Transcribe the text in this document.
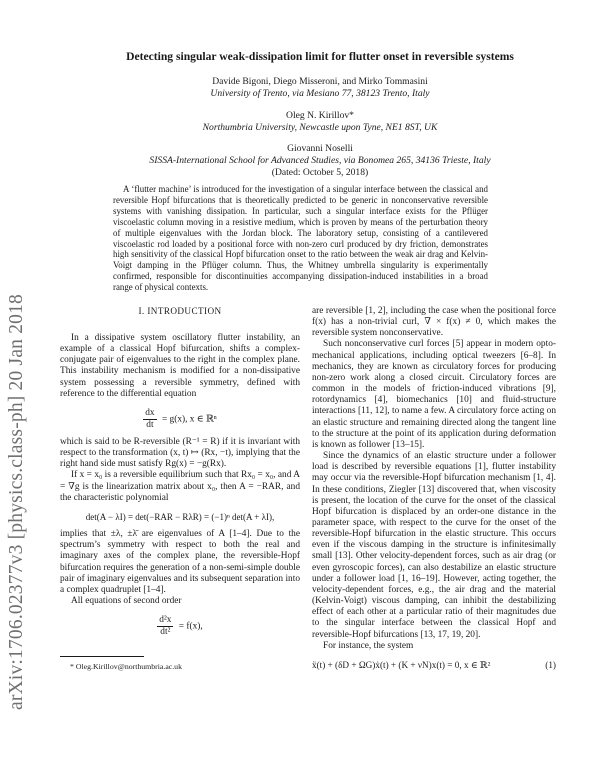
arXiv:1706.02377v3 [physics.class-ph] 20 Jan 2018
Detecting singular weak-dissipation limit for flutter onset in reversible systems
Davide Bigoni, Diego Misseroni, and Mirko Tommasini
University of Trento, via Mesiano 77, 38123 Trento, Italy
Oleg N. Kirillov*
Northumbria University, Newcastle upon Tyne, NE1 8ST, UK
Giovanni Noselli
SISSA-International School for Advanced Studies, via Bonomea 265, 34136 Trieste, Italy
(Dated: October 5, 2018)
A ‘flutter machine’ is introduced for the investigation of a singular interface between the classical and reversible Hopf bifurcations that is theoretically predicted to be generic in nonconservative reversible systems with vanishing dissipation. In particular, such a singular interface exists for the Pflüger viscoelastic column moving in a resistive medium, which is proven by means of the perturbation theory of multiple eigenvalues with the Jordan block. The laboratory setup, consisting of a cantilevered viscoelastic rod loaded by a positional force with non-zero curl produced by dry friction, demonstrates high sensitivity of the classical Hopf bifurcation onset to the ratio between the weak air drag and Kelvin-Voigt damping in the Pflüger column. Thus, the Whitney umbrella singularity is experimentally confirmed, responsible for discontinuities accompanying dissipation-induced instabilities in a broad range of physical contexts.
I. INTRODUCTION

In a dissipative system oscillatory flutter instability, an example of a classical Hopf bifurcation, shifts a complex-conjugate pair of eigenvalues to the right in the complex plane. This instability mechanism is modified for a non-dissipative system possessing a reversible symmetry, defined with reference to the differential equation

$\frac{dx}{dt} = g(x)$, x ∈ ℝⁿ

which is said to be R-reversible (R⁻¹ = R) if it is invariant with respect to the transformation (x, t) ↦ (Rx, −t), implying that the right hand side must satisfy Rg(x) = −g(Rx).

If x = x₀ is a reversible equilibrium such that Rx₀ = x₀, and A = ∇g is the linearization matrix about x₀, then A = −RAR, and the characteristic polynomial

det(A − λI) = det(−RAR − RλR) = (−1)ⁿ det(A + λI),

implies that ±λ, ±λ̄ are eigenvalues of A [1–4]. Due to the spectrum’s symmetry with respect to both the real and imaginary axes of the complex plane, the reversible-Hopf bifurcation requires the generation of a non-semi-simple double pair of imaginary eigenvalues and its subsequent separation into a complex quadruplet [1–4].

All equations of second order

$\frac{\text{d²x}}{\text{dt²}} = f(x)$,
* Oleg.Kirillov@northumbria.ac.uk

are reversible [1, 2], including the case when the positional force f(x) has a non-trivial curl, ∇ × f(x) ≠ 0, which makes the reversible system nonconservative.

Such nonconservative curl forces [5] appear in modern opto-mechanical applications, including optical tweezers [6–8]. In mechanics, they are known as circulatory forces for producing non-zero work along a closed circuit. Circulatory forces are common in the models of friction-induced vibrations [9], rotordynamics [4], biomechanics [10] and fluid-structure interactions [11, 12], to name a few. A circulatory force acting on an elastic structure and remaining directed along the tangent line to the structure at the point of its application during deformation is known as follower [13–15].

Since the dynamics of an elastic structure under a follower load is described by reversible equations [1], flutter instability may occur via the reversible-Hopf bifurcation mechanism [1, 4]. In these conditions, Ziegler [13] discovered that, when viscosity is present, the location of the curve for the onset of the classical Hopf bifurcation is displaced by an order-one distance in the parameter space, with respect to the curve for the onset of the reversible-Hopf bifurcation in the elastic structure. This occurs even if the viscous damping in the structure is infinitesimally small [13]. Other velocity-dependent forces, such as air drag (or even gyroscopic forces), can also destabilize an elastic structure under a follower load [1, 16–19]. However, acting together, the velocity-dependent forces, e.g., the air drag and the material (Kelvin-Voigt) viscous damping, can inhibit the destabilizing effect of each other at a particular ratio of their magnitudes due to the singular interface between the classical Hopf and reversible-Hopf bifurcations [13, 17, 19, 20].

For instance, the system

ẍ(t) + (δD + ΩG)ẋ(t) + (K + νN)x(t) = 0, x ∈ ℝ²	(1)
